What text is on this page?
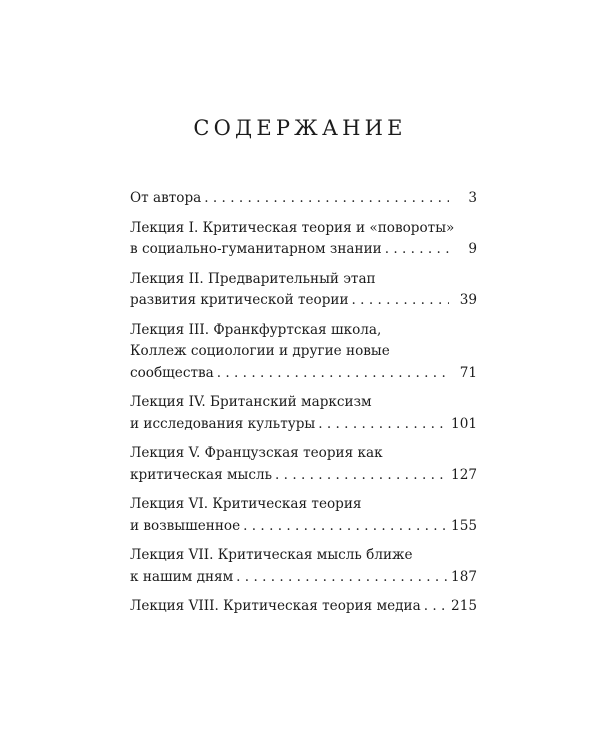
СОДЕРЖАНИЕ
От автора . . .	3
Лекция I. Критическая теория и «повороты»
в социально-гуманитарном знании . . .	9
Лекция II. Предварительный этап
развития критической теории . . .	39
Лекция III. Франкфуртская школа,
Коллеж социологии и другие новые
сообщества . . .	71
Лекция IV. Британский марксизм
и исследования культуры . . .	101
Лекция V. Французская теория как
критическая мысль . . .	127
Лекция VI. Критическая теория
и возвышенное . . .	155
Лекция VII. Критическая мысль ближе
к нашим дням . . .	187
Лекция VIII. Критическая теория медиа . . . 215
